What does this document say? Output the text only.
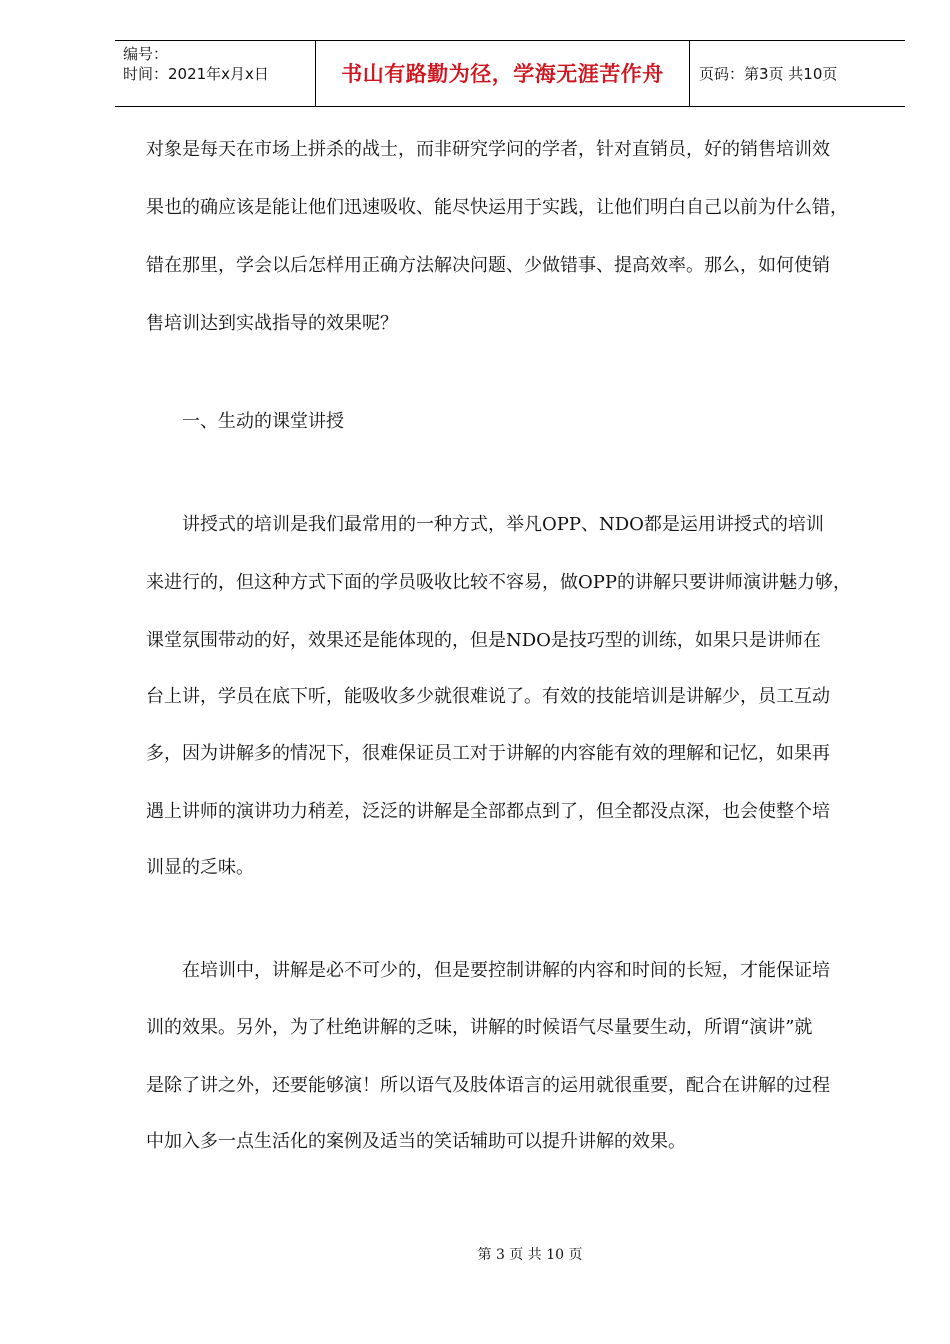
编号：
时间：2021年x月x日	书山有路勤为径，学海无涯苦作舟	页码：第3页 共10页
对象是每天在市场上拼杀的战士，而非研究学问的学者，针对直销员，好的销售培训效
果也的确应该是能让他们迅速吸收、能尽快运用于实践，让他们明白自己以前为什么错，
错在那里，学会以后怎样用正确方法解决问题、少做错事、提高效率。那么，如何使销
售培训达到实战指导的效果呢？
一、生动的课堂讲授
讲授式的培训是我们最常用的一种方式，举凡OPP、NDO都是运用讲授式的培训
来进行的，但这种方式下面的学员吸收比较不容易，做OPP的讲解只要讲师演讲魅力够，
课堂氛围带动的好，效果还是能体现的，但是NDO是技巧型的训练，如果只是讲师在
台上讲，学员在底下听，能吸收多少就很难说了。有效的技能培训是讲解少，员工互动
多，因为讲解多的情况下，很难保证员工对于讲解的内容能有效的理解和记忆，如果再
遇上讲师的演讲功力稍差，泛泛的讲解是全部都点到了，但全都没点深，也会使整个培
训显的乏味。
在培训中，讲解是必不可少的，但是要控制讲解的内容和时间的长短，才能保证培
训的效果。另外，为了杜绝讲解的乏味，讲解的时候语气尽量要生动，所谓“演讲”就
是除了讲之外，还要能够演！所以语气及肢体语言的运用就很重要，配合在讲解的过程
中加入多一点生活化的案例及适当的笑话辅助可以提升讲解的效果。
第 3 页 共 10 页
